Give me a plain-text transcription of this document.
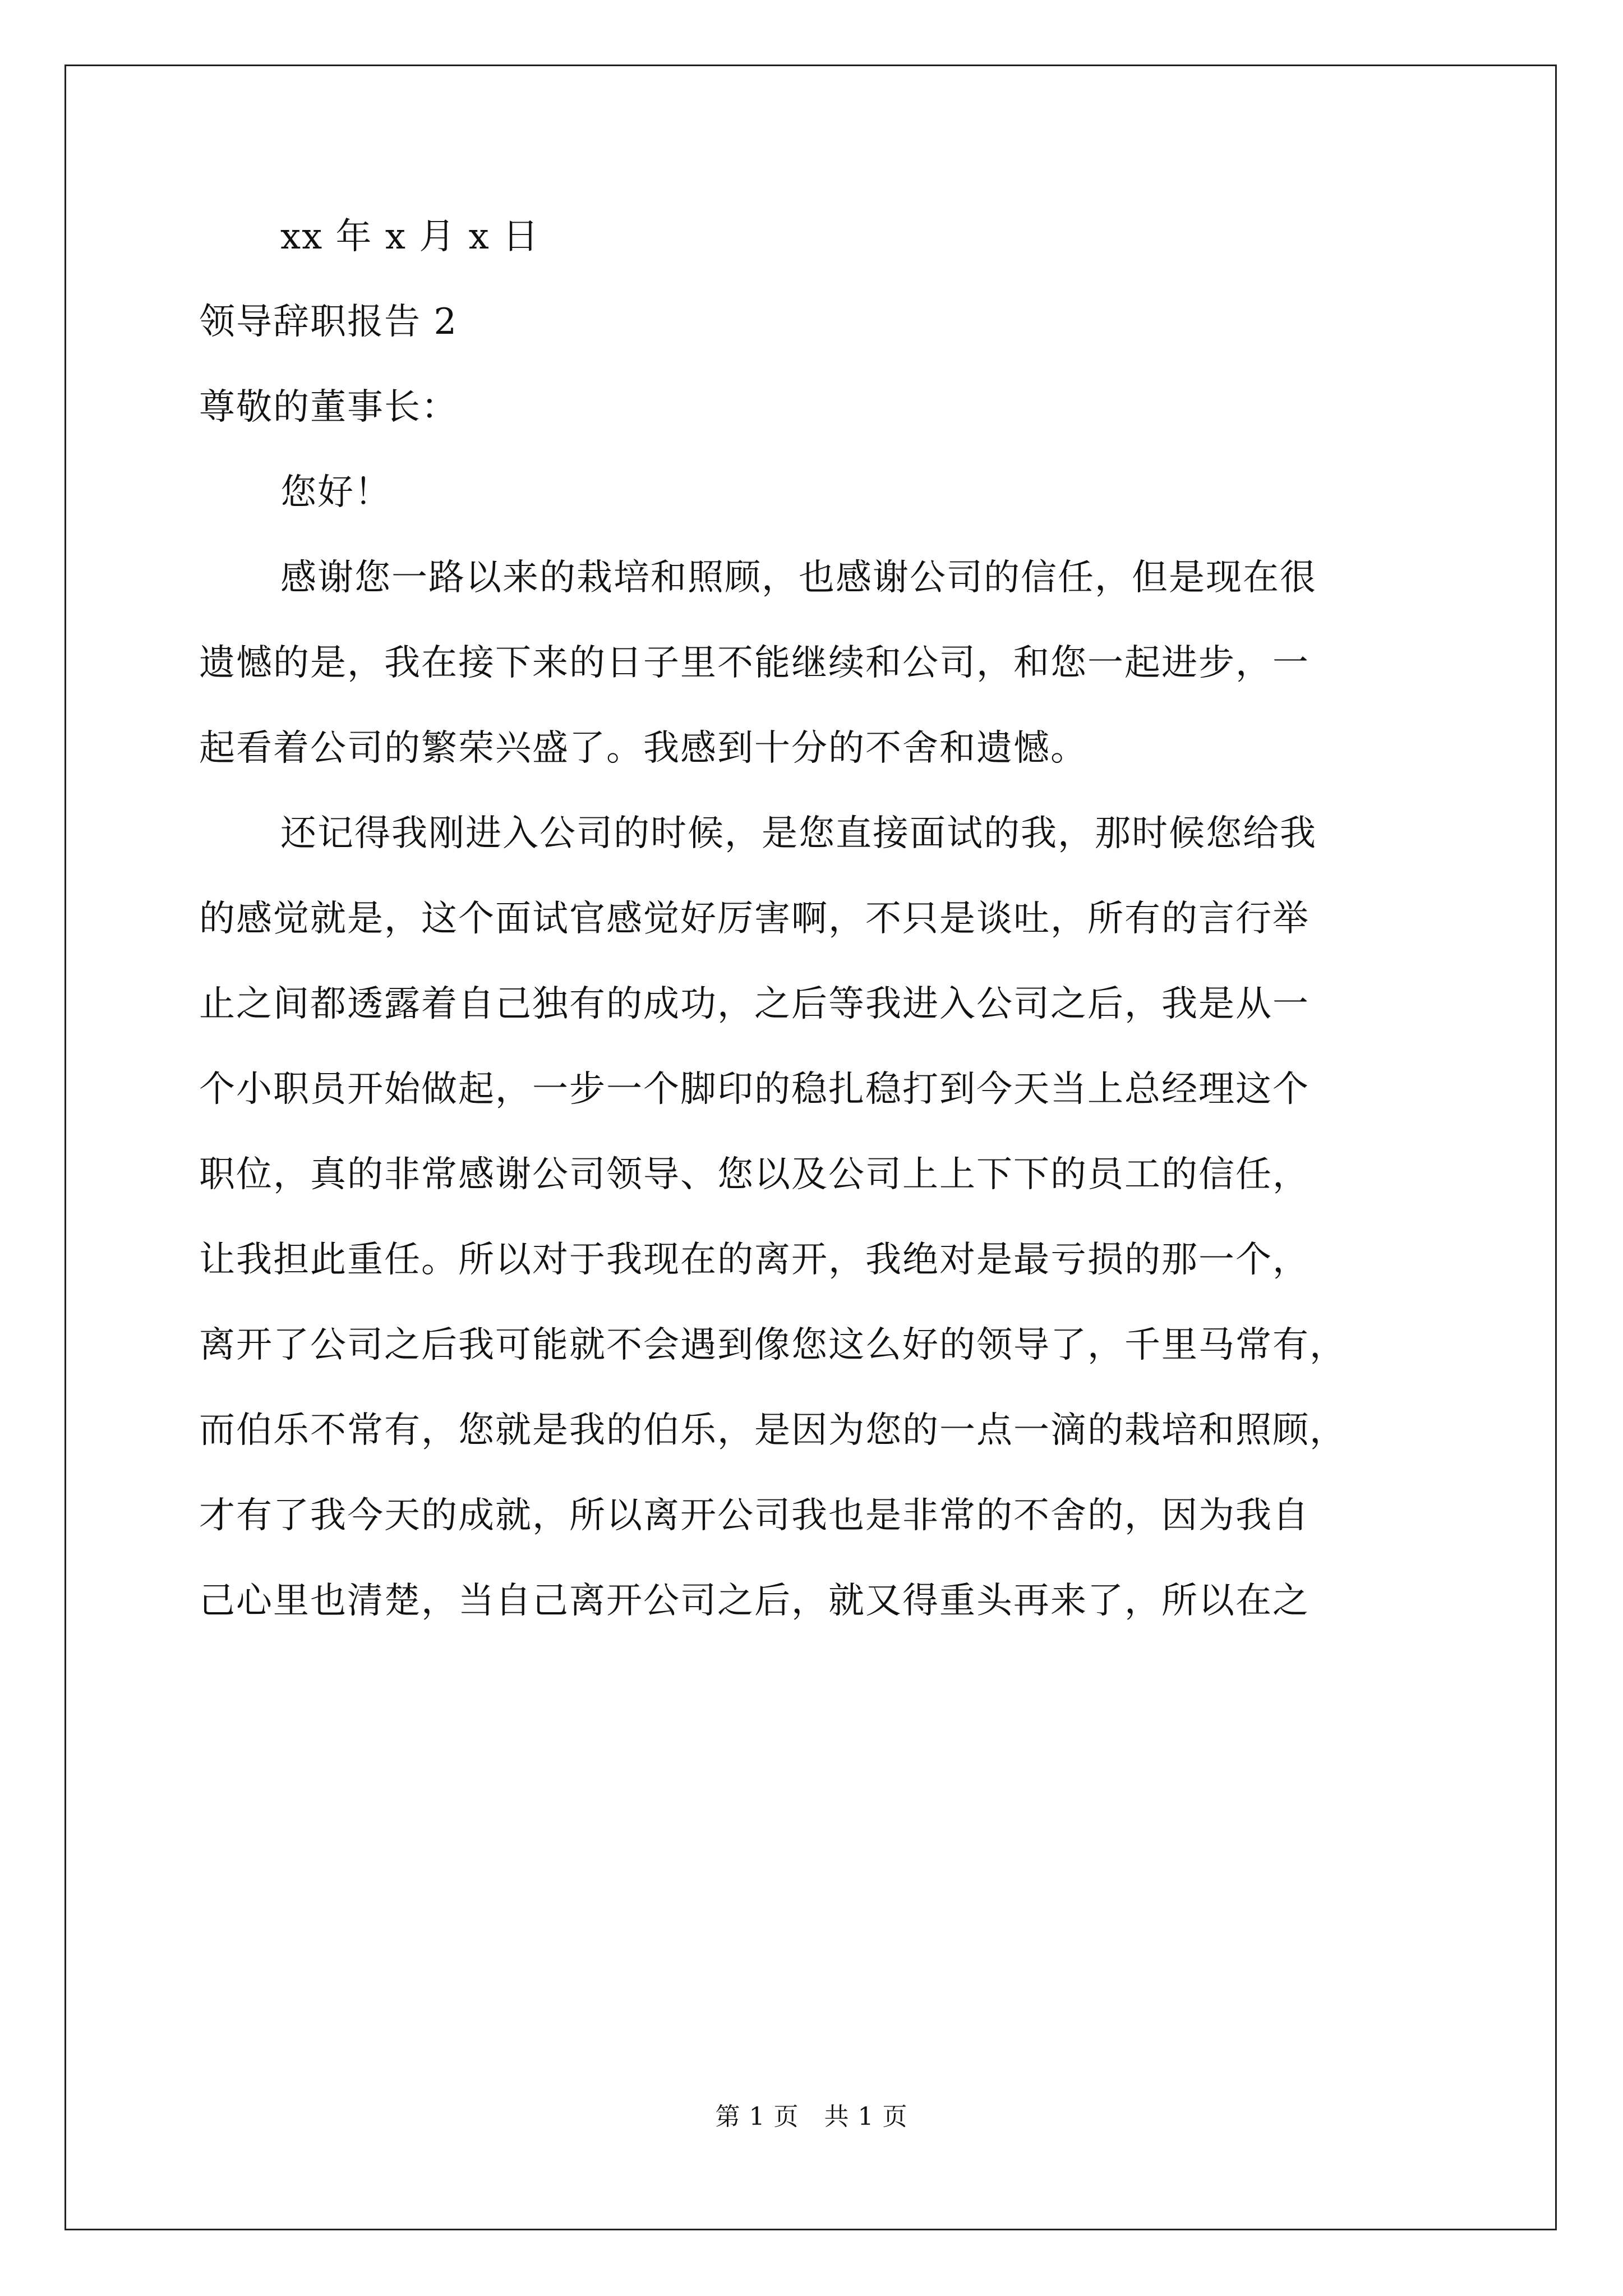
xx 年 x 月 x 日
领导辞职报告 2
尊敬的董事长：
您好！
感谢您一路以来的栽培和照顾，也感谢公司的信任，但是现在很
遗憾的是，我在接下来的日子里不能继续和公司，和您一起进步，一
起看着公司的繁荣兴盛了。我感到十分的不舍和遗憾。
还记得我刚进入公司的时候，是您直接面试的我，那时候您给我
的感觉就是，这个面试官感觉好厉害啊，不只是谈吐，所有的言行举
止之间都透露着自己独有的成功，之后等我进入公司之后，我是从一
个小职员开始做起，一步一个脚印的稳扎稳打到今天当上总经理这个
职位，真的非常感谢公司领导、您以及公司上上下下的员工的信任，
让我担此重任。所以对于我现在的离开，我绝对是最亏损的那一个，
离开了公司之后我可能就不会遇到像您这么好的领导了，千里马常有，
而伯乐不常有，您就是我的伯乐，是因为您的一点一滴的栽培和照顾，
才有了我今天的成就，所以离开公司我也是非常的不舍的，因为我自
己心里也清楚，当自己离开公司之后，就又得重头再来了，所以在之
第 1 页　共 1 页
